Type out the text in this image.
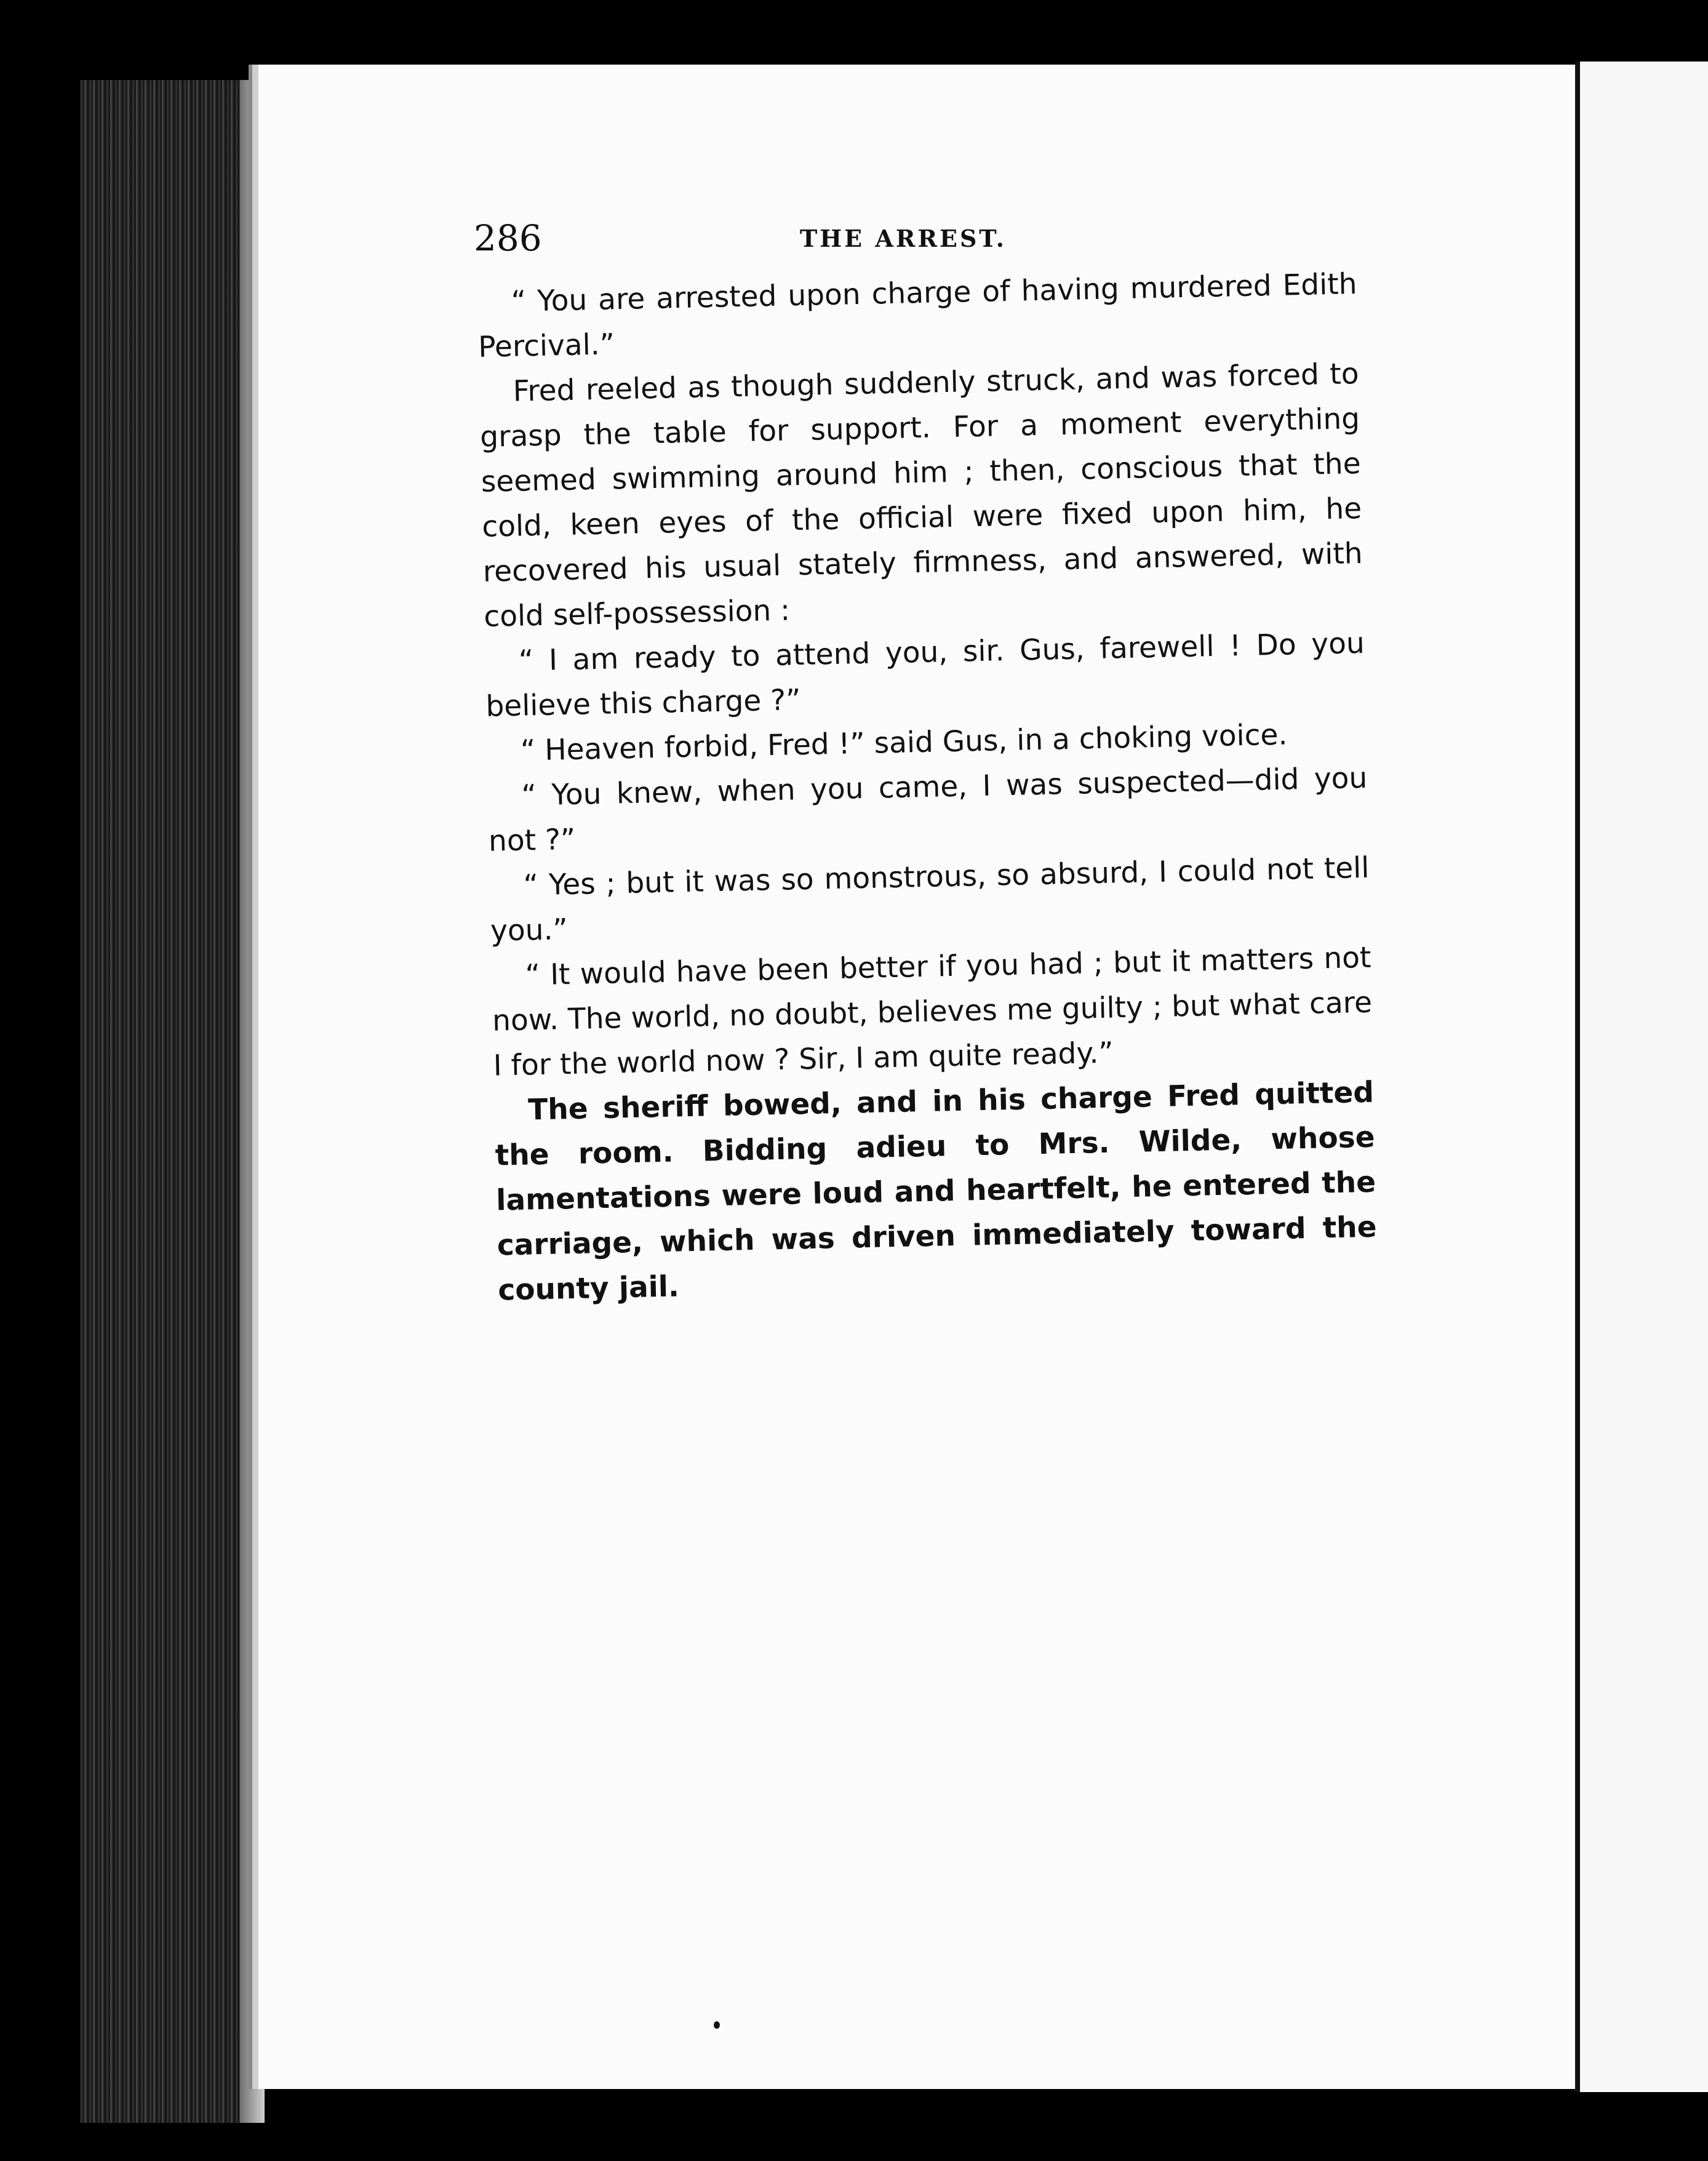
286	THE ARREST.

“ You are arrested upon charge of having murdered Edith Percival.”

Fred reeled as though suddenly struck, and was forced to grasp the table for support. For a moment everything seemed swimming around him ; then, conscious that the cold, keen eyes of the official were fixed upon him, he recovered his usual stately firmness, and answered, with cold self-possession :

“ I am ready to attend you, sir. Gus, farewell ! Do you believe this charge ?”

“ Heaven forbid, Fred !” said Gus, in a choking voice.

“ You knew, when you came, I was suspected—did you not ?”

“ Yes ; but it was so monstrous, so absurd, I could not tell you.”

“ It would have been better if you had ; but it matters not now. The world, no doubt, believes me guilty ; but what care I for the world now ? Sir, I am quite ready.”

The sheriff bowed, and in his charge Fred quitted the room. Bidding adieu to Mrs. Wilde, whose lamentations were loud and heartfelt, he entered the carriage, which was driven immediately toward the county jail.
